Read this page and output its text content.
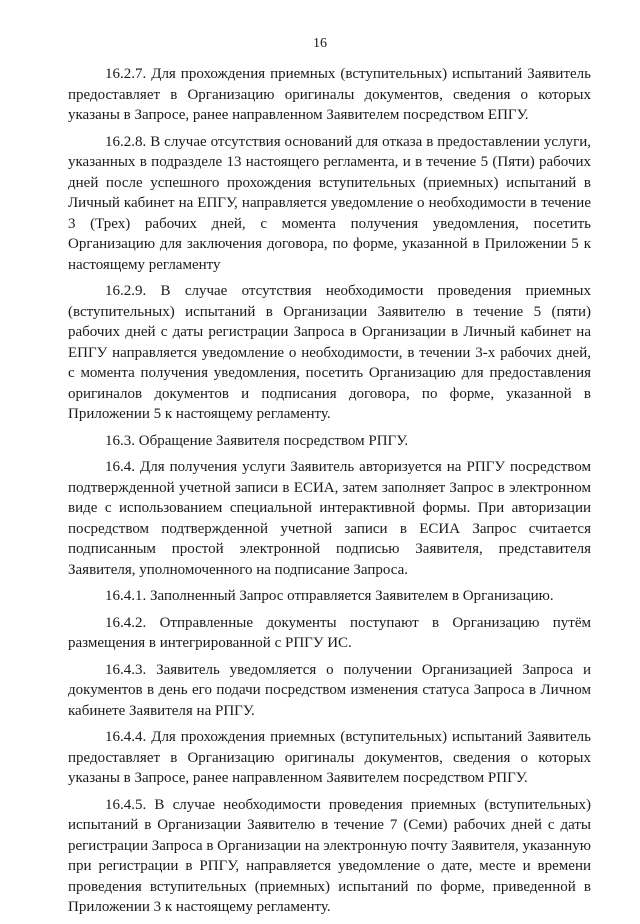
16

16.2.7. Для прохождения приемных (вступительных) испытаний Заявитель предоставляет в Организацию оригиналы документов, сведения о которых указаны в Запросе, ранее направленном Заявителем посредством ЕПГУ.

16.2.8. В случае отсутствия оснований для отказа в предоставлении услуги, указанных в подразделе 13 настоящего регламента, и в течение 5 (Пяти) рабочих дней после успешного прохождения вступительных (приемных) испытаний в Личный кабинет на ЕПГУ, направляется уведомление о необходимости в течение 3 (Трех) рабочих дней, с момента получения уведомления, посетить Организацию для заключения договора, по форме, указанной в Приложении 5 к настоящему регламенту

16.2.9. В случае отсутствия необходимости проведения приемных (вступительных) испытаний в Организации Заявителю в течение 5 (пяти) рабочих дней с даты регистрации Запроса в Организации в Личный кабинет на ЕПГУ направляется уведомление о необходимости, в течении 3-х рабочих дней, с момента получения уведомления, посетить Организацию для предоставления оригиналов документов и подписания договора, по форме, указанной в Приложении 5 к настоящему регламенту.

16.3. Обращение Заявителя посредством РПГУ.

16.4. Для получения услуги Заявитель авторизуется на РПГУ посредством подтвержденной учетной записи в ЕСИА, затем заполняет Запрос в электронном виде с использованием специальной интерактивной формы. При авторизации посредством подтвержденной учетной записи в ЕСИА Запрос считается подписанным простой электронной подписью Заявителя, представителя Заявителя, уполномоченного на подписание Запроса.

16.4.1. Заполненный Запрос отправляется Заявителем в Организацию.

16.4.2. Отправленные документы поступают в Организацию путём размещения в интегрированной с РПГУ ИС.

16.4.3. Заявитель уведомляется о получении Организацией Запроса и документов в день его подачи посредством изменения статуса Запроса в Личном кабинете Заявителя на РПГУ.

16.4.4. Для прохождения приемных (вступительных) испытаний Заявитель предоставляет в Организацию оригиналы документов, сведения о которых указаны в Запросе, ранее направленном Заявителем посредством РПГУ.

16.4.5. В случае необходимости проведения приемных (вступительных) испытаний в Организации Заявителю в течение 7 (Семи) рабочих дней с даты регистрации Запроса в Организации на электронную почту Заявителя, указанную при регистрации в РПГУ, направляется уведомление о дате, месте и времени проведения вступительных (приемных) испытаний по форме, приведенной в Приложении 3 к настоящему регламенту.
